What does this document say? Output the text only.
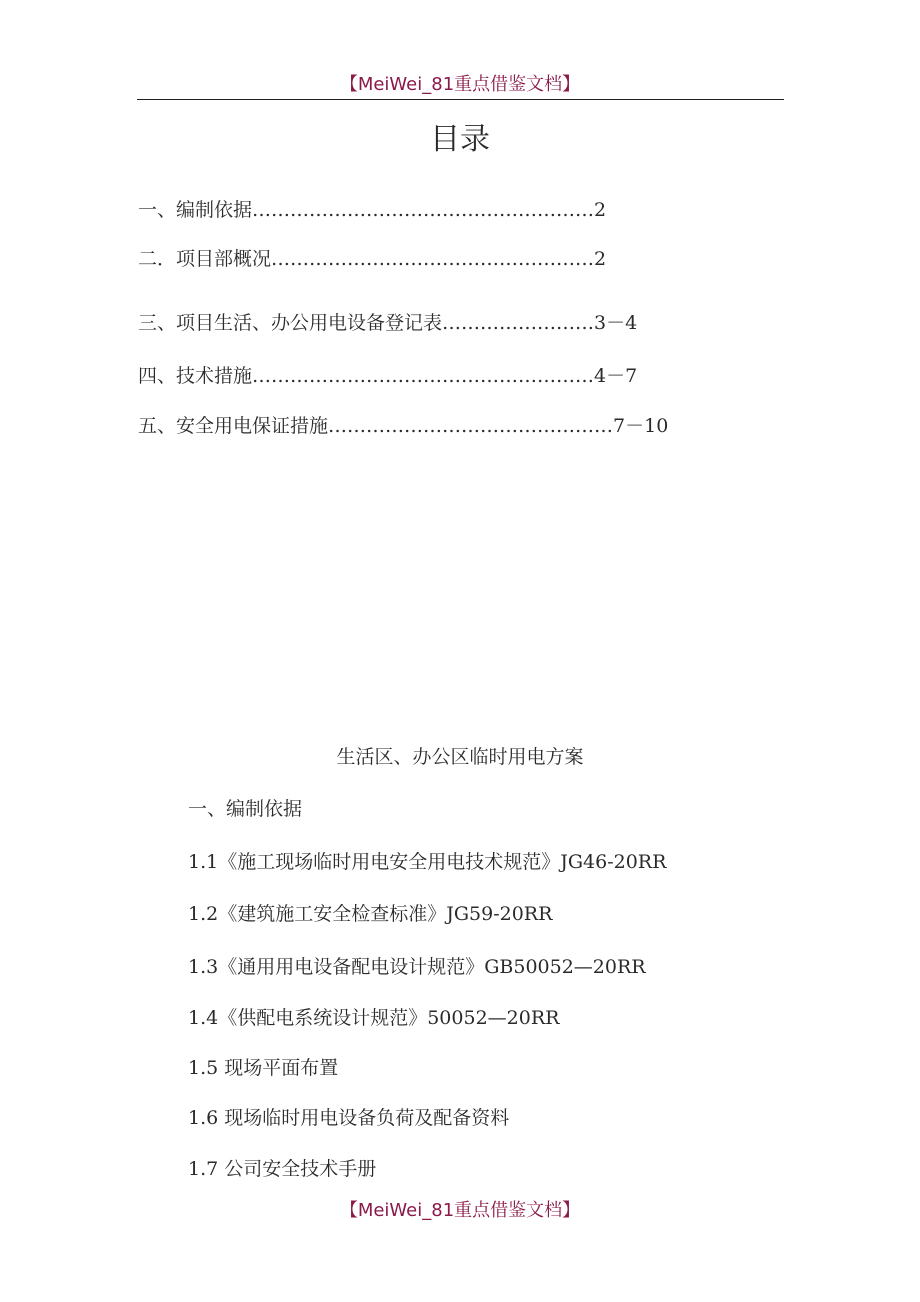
【MeiWei_81重点借鉴文档】
目录
一、编制依据………………………………………………2
二．项目部概况……………………………………………2
三、项目生活、办公用电设备登记表……………………3－4
四、技术措施………………………………………………4－7
五、安全用电保证措施………………………………………7－10
生活区、办公区临时用电方案
一、编制依据
1.1《施工现场临时用电安全用电技术规范》JG46-20RR
1.2《建筑施工安全检查标准》JG59-20RR
1.3《通用用电设备配电设计规范》GB50052—20RR
1.4《供配电系统设计规范》50052—20RR
1.5 现场平面布置
1.6 现场临时用电设备负荷及配备资料
1.7 公司安全技术手册
【MeiWei_81重点借鉴文档】
